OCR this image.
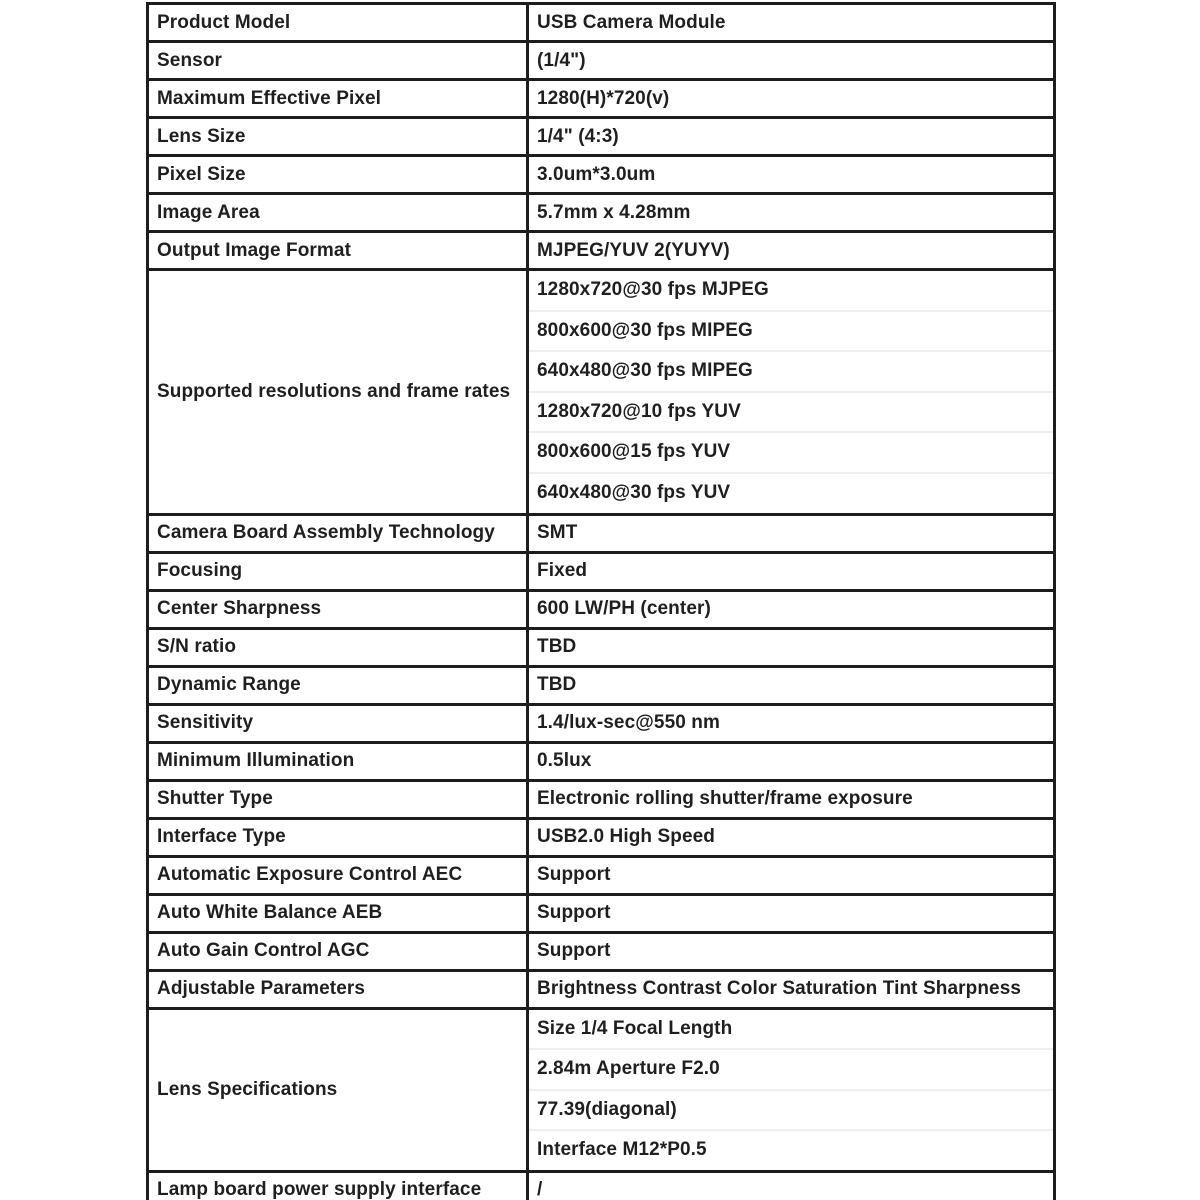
Product Model	USB Camera Module
Sensor	(1/4")
Maximum Effective Pixel	1280(H)*720(v)
Lens Size	1/4" (4:3)
Pixel Size	3.0um*3.0um
Image Area	5.7mm x 4.28mm
Output Image Format	MJPEG/YUV 2(YUYV)
Supported resolutions and frame rates	
1280x720@30 fps MJPEG
800x600@30 fps MIPEG
640x480@30 fps MIPEG
1280x720@10 fps YUV
800x600@15 fps YUV
640x480@30 fps YUV

Camera Board Assembly Technology	SMT
Focusing	Fixed
Center Sharpness	600 LW/PH (center)
S/N ratio	TBD
Dynamic Range	TBD
Sensitivity	1.4/lux-sec@550 nm
Minimum Illumination	0.5lux
Shutter Type	Electronic rolling shutter/frame exposure
Interface Type	USB2.0 High Speed
Automatic Exposure Control AEC	Support
Auto White Balance AEB	Support
Auto Gain Control AGC	Support
Adjustable Parameters	Brightness Contrast Color Saturation Tint Sharpness
Lens Specifications	Size 1/4 Focal Length
2.84m Aperture F2.0
77.39(diagonal)
Interface M12*P0.5

Lamp board power supply interface	/
